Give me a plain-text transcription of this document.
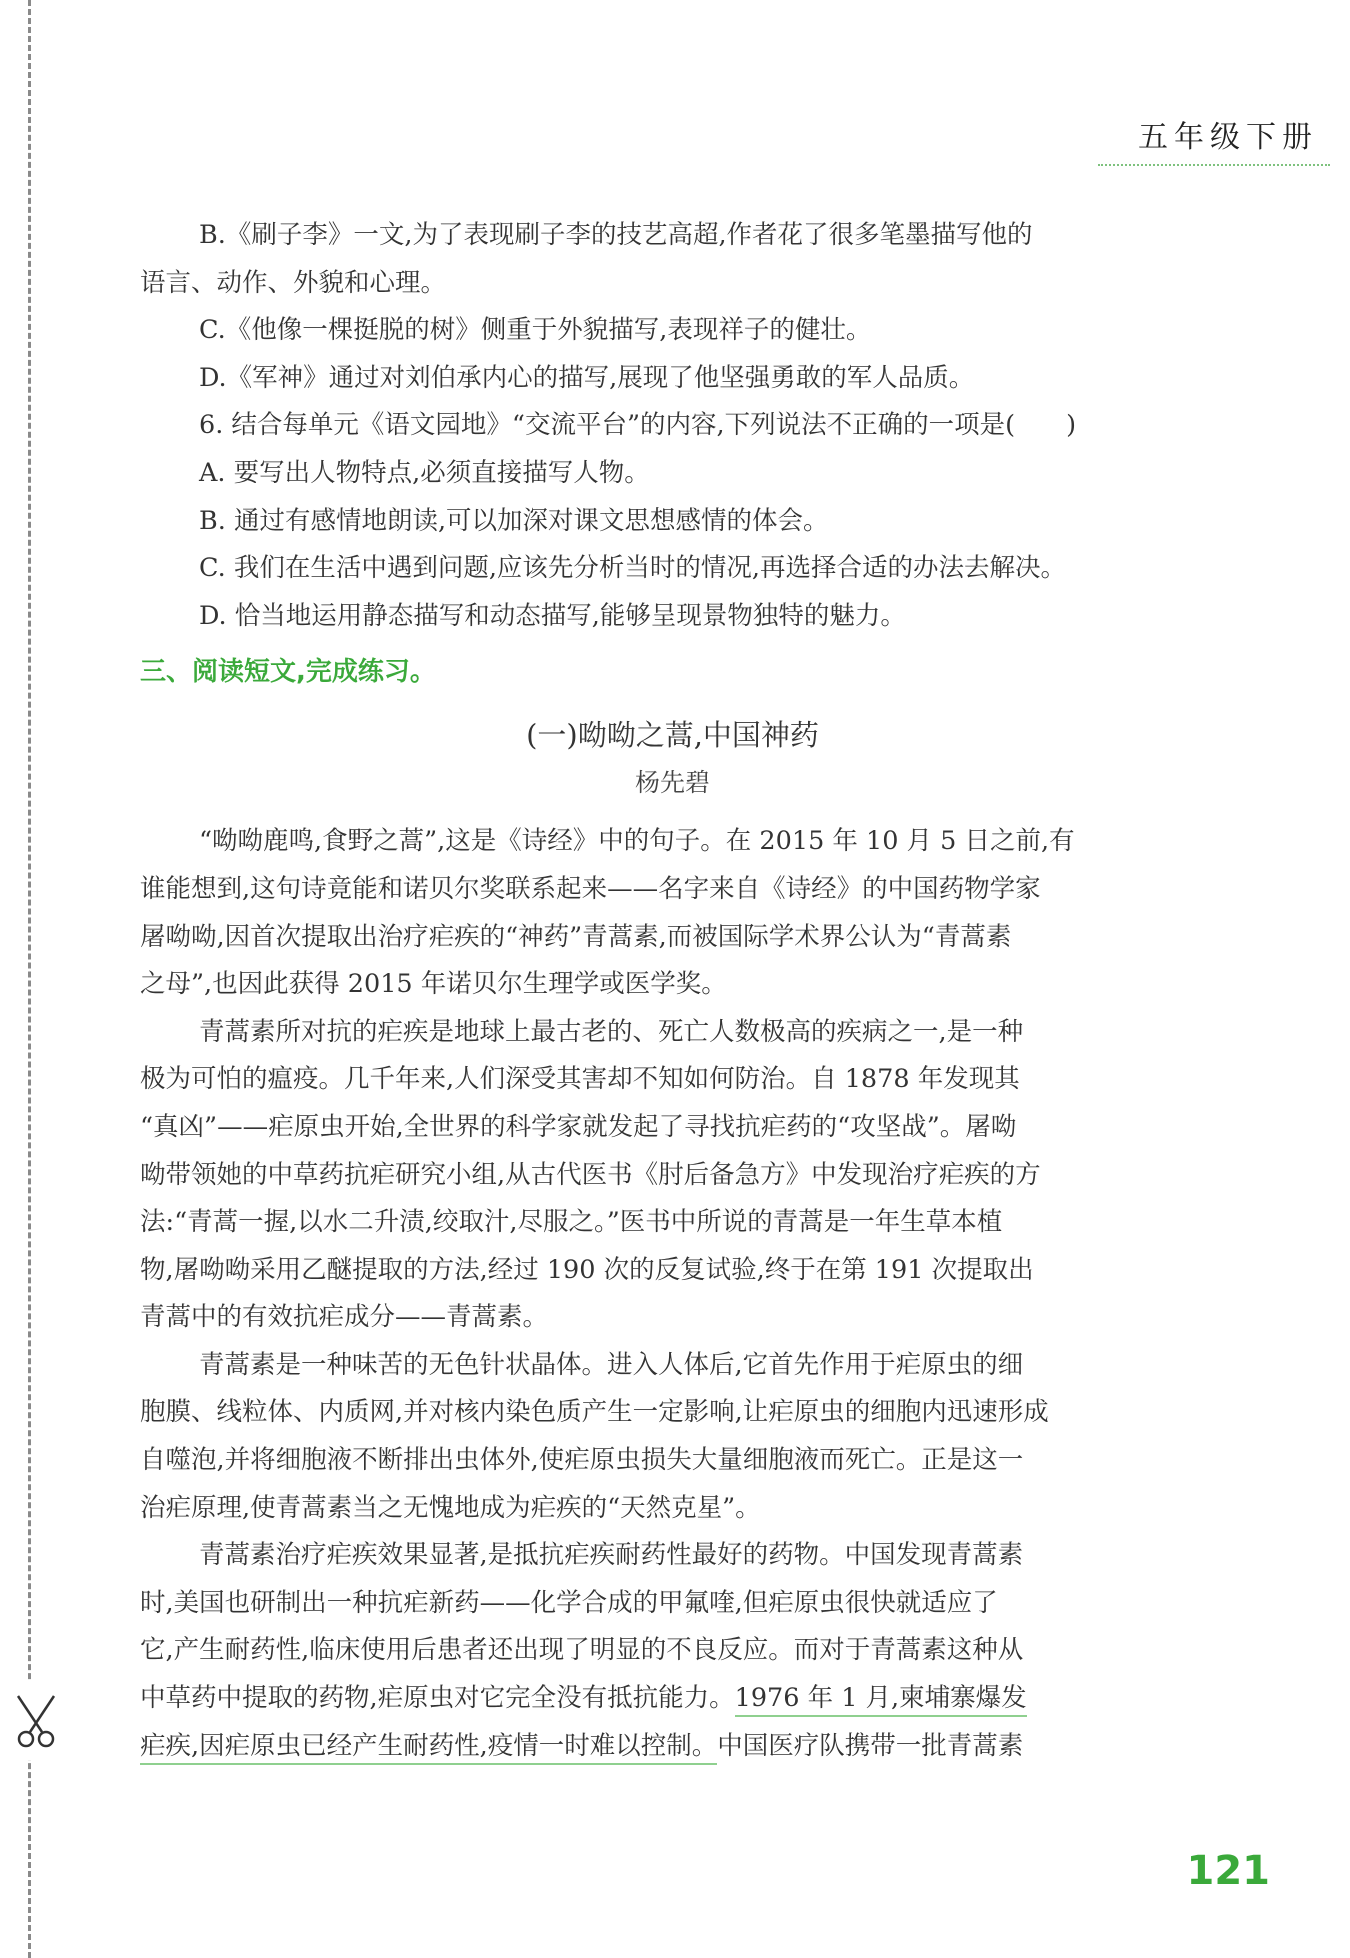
五年级下册
B.《刷子李》一文,为了表现刷子李的技艺高超,作者花了很多笔墨描写他的
语言、动作、外貌和心理。
C.《他像一棵挺脱的树》侧重于外貌描写,表现祥子的健壮。
D.《军神》通过对刘伯承内心的描写,展现了他坚强勇敢的军人品质。
6. 结合每单元《语文园地》“交流平台”的内容,下列说法不正确的一项是(　　)
A. 要写出人物特点,必须直接描写人物。
B. 通过有感情地朗读,可以加深对课文思想感情的体会。
C. 我们在生活中遇到问题,应该先分析当时的情况,再选择合适的办法去解决。
D. 恰当地运用静态描写和动态描写,能够呈现景物独特的魅力。
三、阅读短文,完成练习。
(一)呦呦之蒿,中国神药
杨先碧
“呦呦鹿鸣,食野之蒿”,这是《诗经》中的句子。在 2015 年 10 月 5 日之前,有
谁能想到,这句诗竟能和诺贝尔奖联系起来——名字来自《诗经》的中国药物学家
屠呦呦,因首次提取出治疗疟疾的“神药”青蒿素,而被国际学术界公认为“青蒿素
之母”,也因此获得 2015 年诺贝尔生理学或医学奖。
青蒿素所对抗的疟疾是地球上最古老的、死亡人数极高的疾病之一,是一种
极为可怕的瘟疫。几千年来,人们深受其害却不知如何防治。自 1878 年发现其
“真凶”——疟原虫开始,全世界的科学家就发起了寻找抗疟药的“攻坚战”。屠呦
呦带领她的中草药抗疟研究小组,从古代医书《肘后备急方》中发现治疗疟疾的方
法:“青蒿一握,以水二升渍,绞取汁,尽服之。”医书中所说的青蒿是一年生草本植
物,屠呦呦采用乙醚提取的方法,经过 190 次的反复试验,终于在第 191 次提取出
青蒿中的有效抗疟成分——青蒿素。
青蒿素是一种味苦的无色针状晶体。进入人体后,它首先作用于疟原虫的细
胞膜、线粒体、内质网,并对核内染色质产生一定影响,让疟原虫的细胞内迅速形成
自噬泡,并将细胞液不断排出虫体外,使疟原虫损失大量细胞液而死亡。正是这一
治疟原理,使青蒿素当之无愧地成为疟疾的“天然克星”。
青蒿素治疗疟疾效果显著,是抵抗疟疾耐药性最好的药物。中国发现青蒿素
时,美国也研制出一种抗疟新药——化学合成的甲氟喹,但疟原虫很快就适应了
它,产生耐药性,临床使用后患者还出现了明显的不良反应。而对于青蒿素这种从
中草药中提取的药物,疟原虫对它完全没有抵抗能力。1976 年 1 月,柬埔寨爆发
疟疾,因疟原虫已经产生耐药性,疫情一时难以控制。中国医疗队携带一批青蒿素
121
